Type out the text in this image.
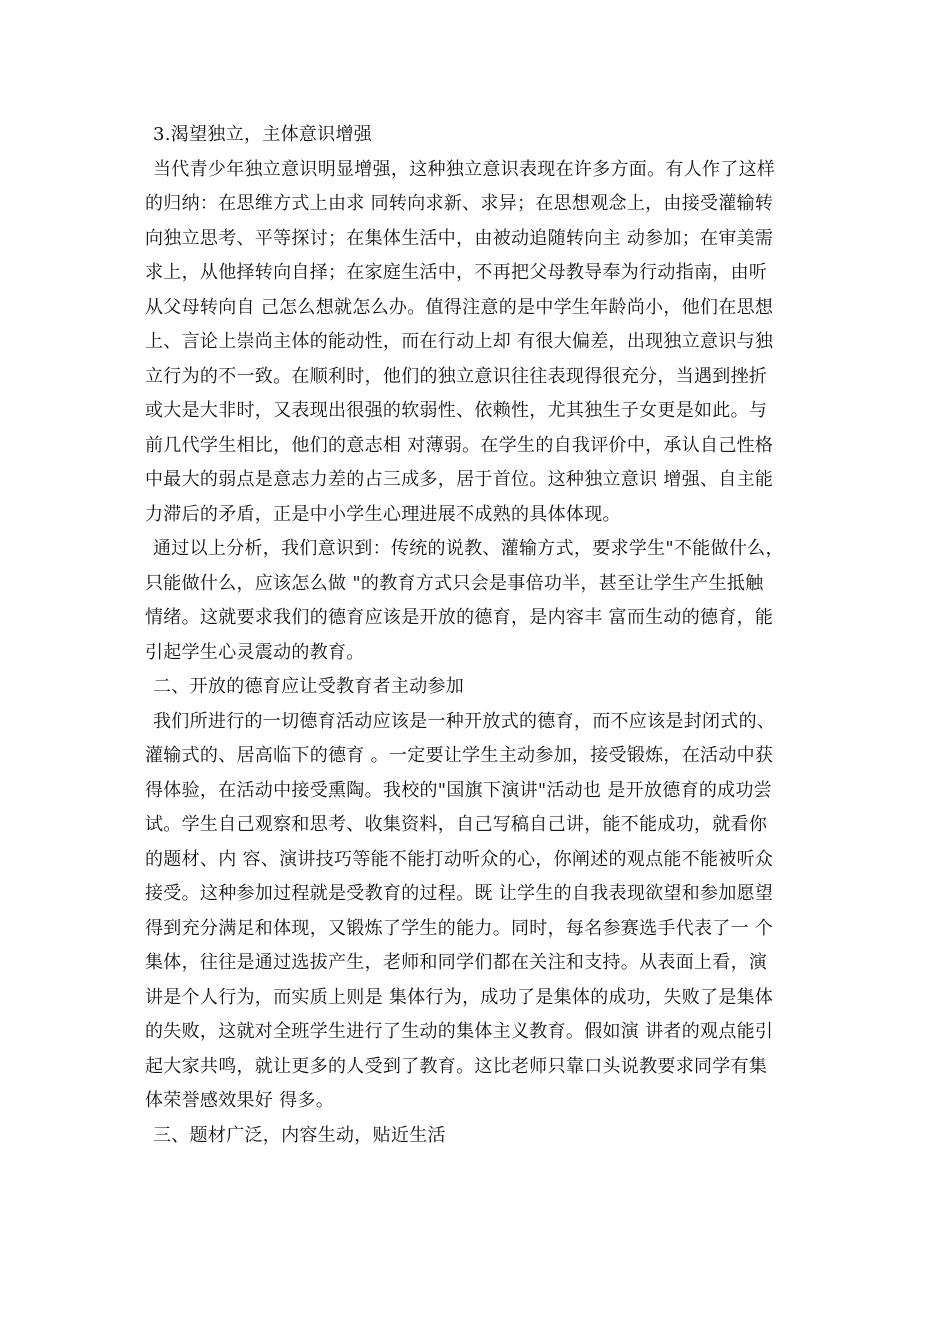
3.渴望独立，主体意识增强
当代青少年独立意识明显增强，这种独立意识表现在许多方面。有人作了这样
的归纳：在思维方式上由求 同转向求新、求异；在思想观念上，由接受灌输转
向独立思考、平等探讨；在集体生活中，由被动追随转向主 动参加；在审美需
求上，从他择转向自择；在家庭生活中，不再把父母教导奉为行动指南，由听
从父母转向自 己怎么想就怎么办。值得注意的是中学生年龄尚小，他们在思想
上、言论上崇尚主体的能动性，而在行动上却 有很大偏差，出现独立意识与独
立行为的不一致。在顺利时，他们的独立意识往往表现得很充分，当遇到挫折
或大是大非时，又表现出很强的软弱性、依赖性，尤其独生子女更是如此。与
前几代学生相比，他们的意志相 对薄弱。在学生的自我评价中，承认自己性格
中最大的弱点是意志力差的占三成多，居于首位。这种独立意识 增强、自主能
力滞后的矛盾，正是中小学生心理进展不成熟的具体体现。
通过以上分析，我们意识到：传统的说教、灌输方式，要求学生"不能做什么，
只能做什么，应该怎么做 "的教育方式只会是事倍功半，甚至让学生产生抵触
情绪。这就要求我们的德育应该是开放的德育，是内容丰 富而生动的德育，能
引起学生心灵震动的教育。
二、开放的德育应让受教育者主动参加
我们所进行的一切德育活动应该是一种开放式的德育，而不应该是封闭式的、
灌输式的、居高临下的德育 。一定要让学生主动参加，接受锻炼，在活动中获
得体验，在活动中接受熏陶。我校的"国旗下演讲"活动也 是开放德育的成功尝
试。学生自己观察和思考、收集资料，自己写稿自己讲，能不能成功，就看你
的题材、内 容、演讲技巧等能不能打动听众的心，你阐述的观点能不能被听众
接受。这种参加过程就是受教育的过程。既 让学生的自我表现欲望和参加愿望
得到充分满足和体现，又锻炼了学生的能力。同时，每名参赛选手代表了一 个
集体，往往是通过选拔产生，老师和同学们都在关注和支持。从表面上看，演
讲是个人行为，而实质上则是 集体行为，成功了是集体的成功，失败了是集体
的失败，这就对全班学生进行了生动的集体主义教育。假如演 讲者的观点能引
起大家共鸣，就让更多的人受到了教育。这比老师只靠口头说教要求同学有集
体荣誉感效果好 得多。
三、题材广泛，内容生动，贴近生活
